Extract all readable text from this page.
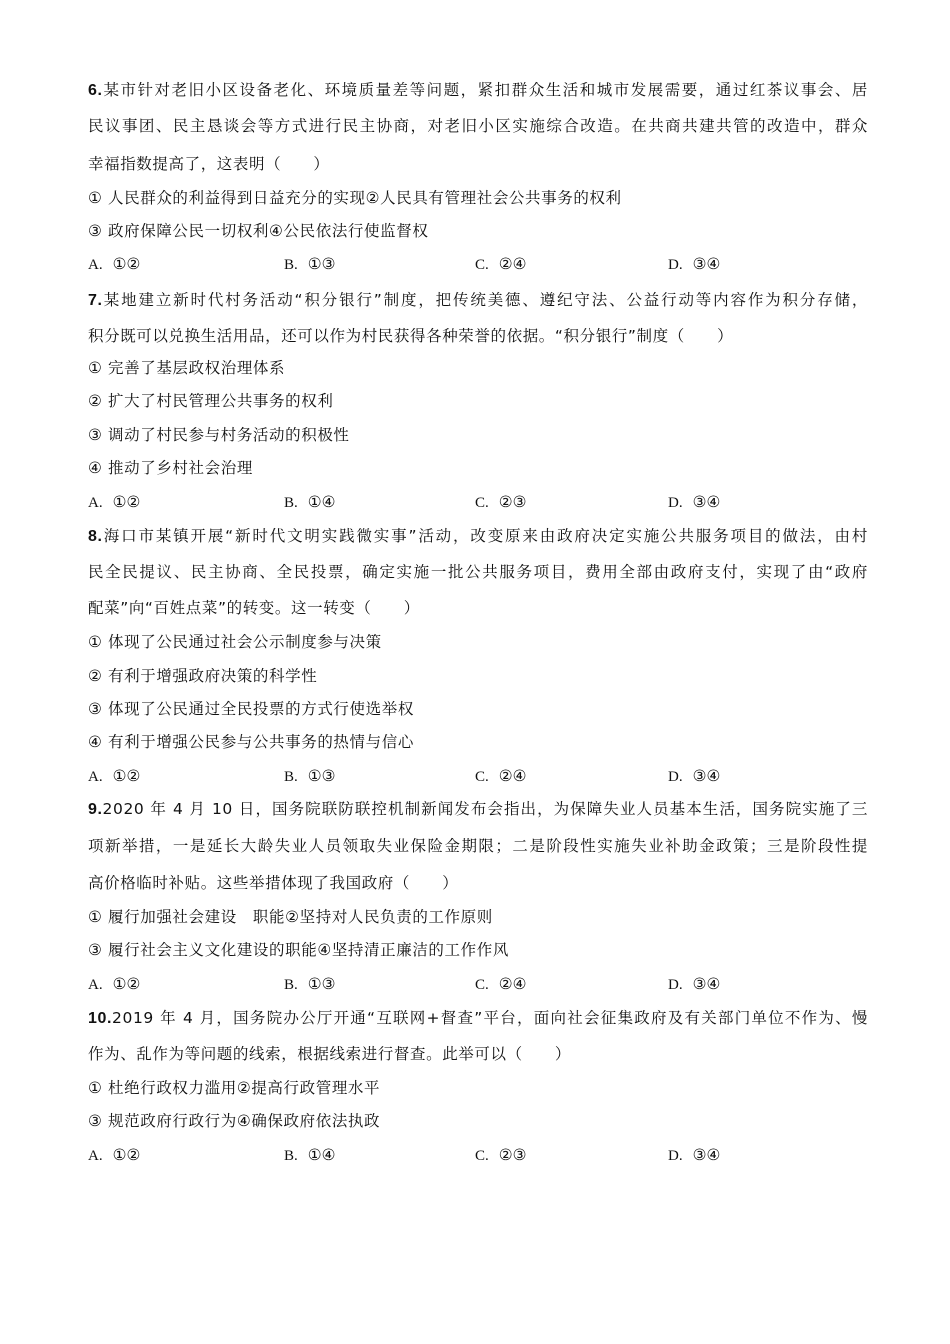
6.某市针对老旧小区设备老化、环境质量差等问题，紧扣群众生活和城市发展需要，通过红茶议事会、居
民议事团、民主恳谈会等方式进行民主协商，对老旧小区实施综合改造。在共商共建共管的改造中，群众
幸福指数提高了，这表明（　　）
① 人民群众的利益得到日益充分的实现②人民具有管理社会公共事务的权利
③ 政府保障公民一切权利④公民依法行使监督权
A. ①②	B. ①③	C. ②④	D. ③④
7.某地建立新时代村务活动“积分银行”制度，把传统美德、遵纪守法、公益行动等内容作为积分存储，
积分既可以兑换生活用品，还可以作为村民获得各种荣誉的依据。“积分银行”制度（　　）
① 完善了基层政权治理体系
② 扩大了村民管理公共事务的权利
③ 调动了村民参与村务活动的积极性
④ 推动了乡村社会治理
A. ①②	B. ①④	C. ②③	D. ③④
8.海口市某镇开展“新时代文明实践微实事”活动，改变原来由政府决定实施公共服务项目的做法，由村
民全民提议、民主协商、全民投票，确定实施一批公共服务项目，费用全部由政府支付，实现了由“政府
配菜”向“百姓点菜”的转变。这一转变（　　）
① 体现了公民通过社会公示制度参与决策
② 有利于增强政府决策的科学性
③ 体现了公民通过全民投票的方式行使选举权
④ 有利于增强公民参与公共事务的热情与信心
A. ①②	B. ①③	C. ②④	D. ③④
9.2020 年 4 月 10 日，国务院联防联控机制新闻发布会指出，为保障失业人员基本生活，国务院实施了三
项新举措，一是延长大龄失业人员领取失业保险金期限；二是阶段性实施失业补助金政策；三是阶段性提
高价格临时补贴。这些举措体现了我国政府（　　）
① 履行加强社会建设　职能②坚持对人民负责的工作原则
③ 履行社会主义文化建设的职能④坚持清正廉洁的工作作风
A. ①②	B. ①③	C. ②④	D. ③④
10.2019 年 4 月，国务院办公厅开通“互联网+督查”平台，面向社会征集政府及有关部门单位不作为、慢
作为、乱作为等问题的线索，根据线索进行督查。此举可以（　　）
① 杜绝行政权力滥用②提高行政管理水平
③ 规范政府行政行为④确保政府依法执政
A. ①②	B. ①④	C. ②③	D. ③④
